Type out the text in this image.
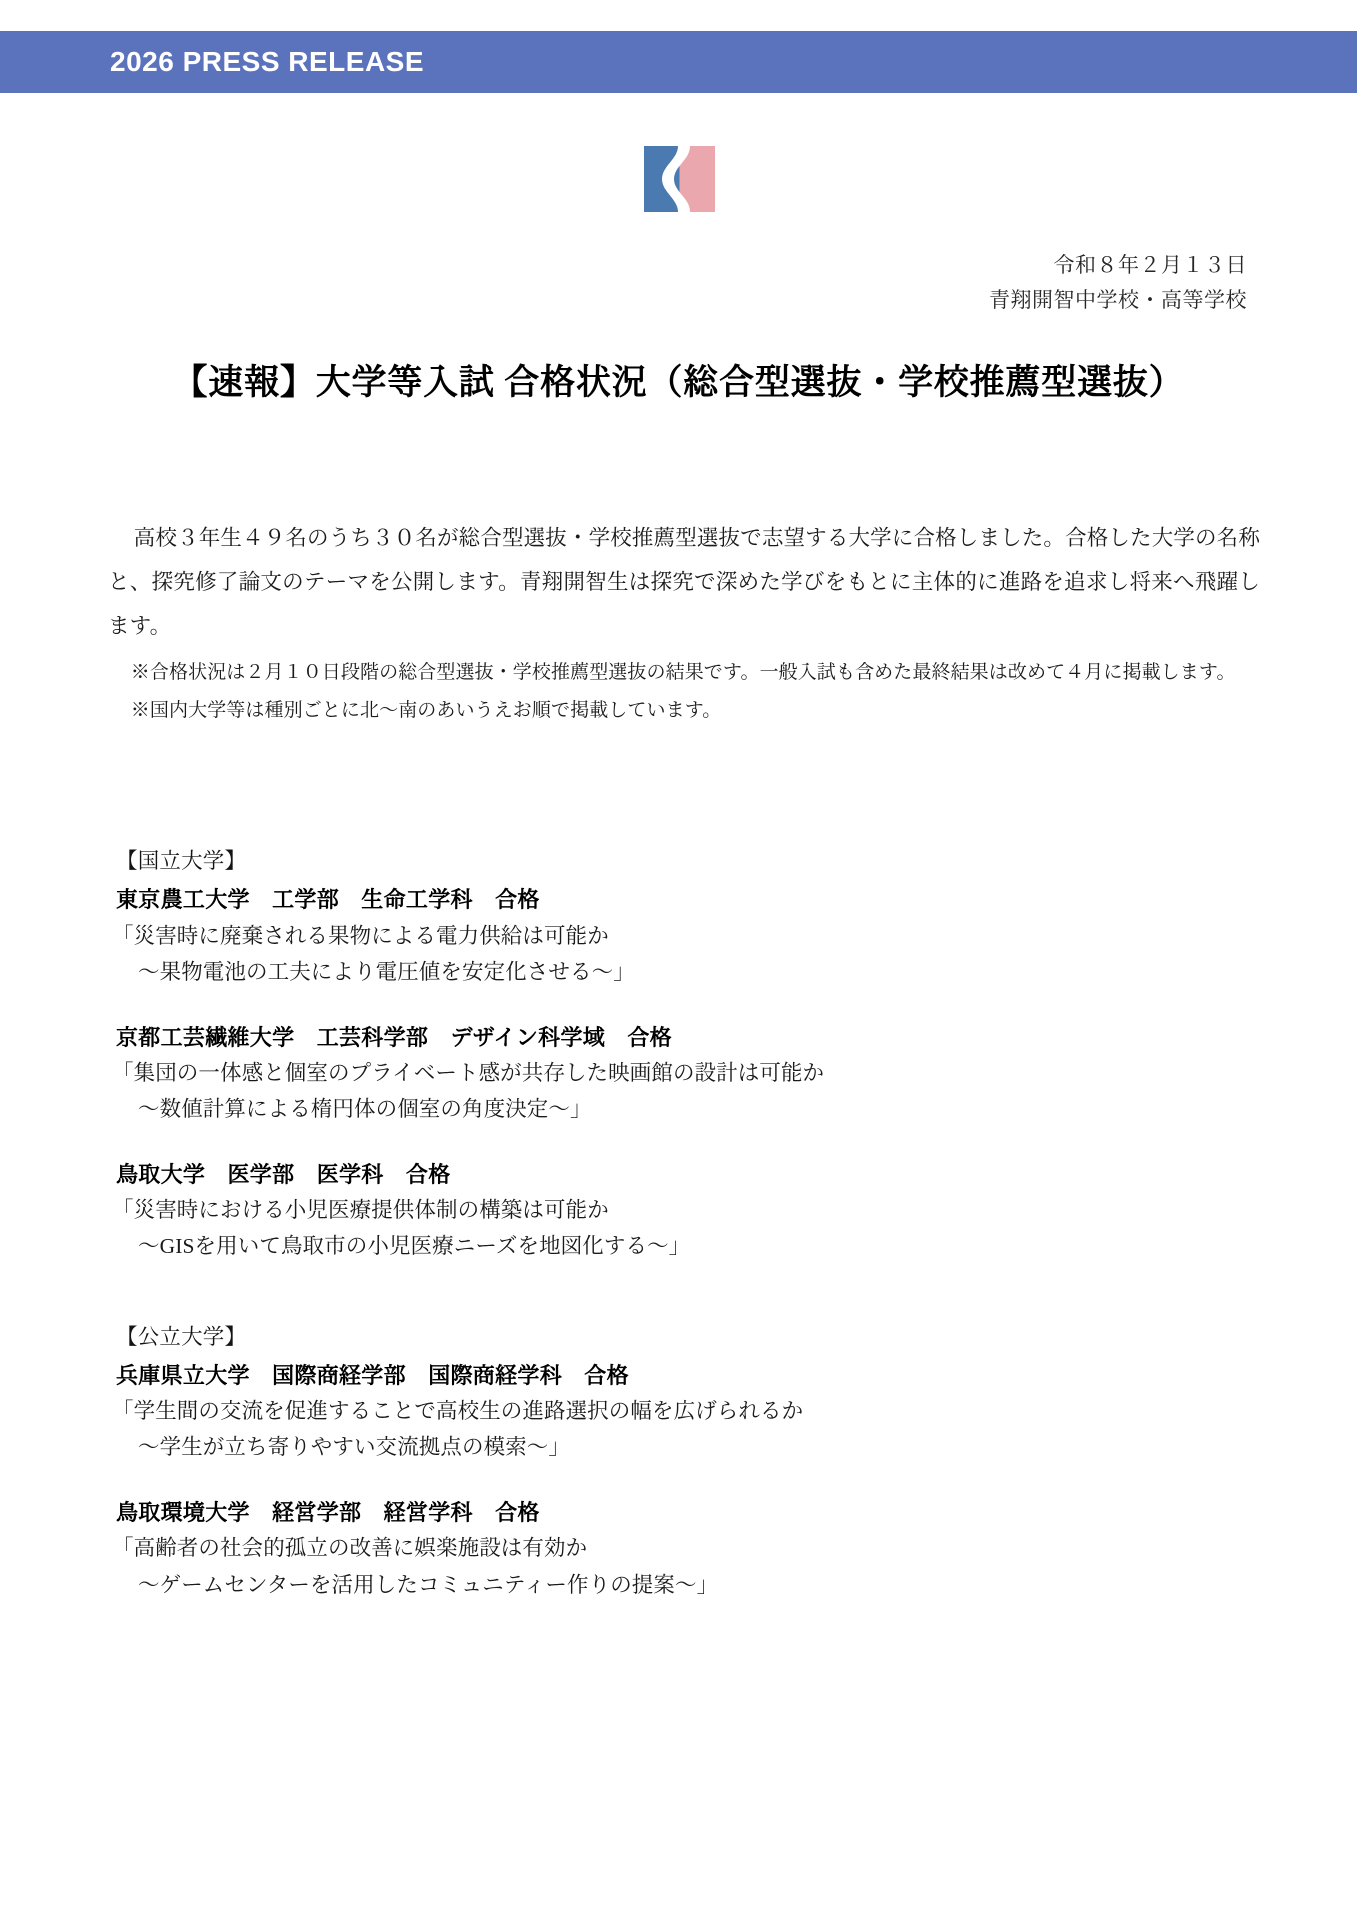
2026 PRESS RELEASE
令和８年２月１３日
青翔開智中学校・高等学校
【速報】大学等入試 合格状況（総合型選抜・学校推薦型選抜）

高校３年生４９名のうち３０名が総合型選抜・学校推薦型選抜で志望する大学に合格しました。合格した大学の名称と、探究修了論文のテーマを公開します。青翔開智生は探究で深めた学びをもとに主体的に進路を追求し将来へ飛躍します。

※合格状況は２月１０日段階の総合型選抜・学校推薦型選抜の結果です。一般入試も含めた最終結果は改めて４月に掲載します。

※国内大学等は種別ごとに北〜南のあいうえお順で掲載しています。

【国立大学】
東京農工大学　工学部　生命工学科　合格
「災害時に廃棄される果物による電力供給は可能か
〜果物電池の工夫により電圧値を安定化させる〜」
京都工芸繊維大学　工芸科学部　デザイン科学域　合格
「集団の一体感と個室のプライベート感が共存した映画館の設計は可能か
〜数値計算による楕円体の個室の角度決定〜」
鳥取大学　医学部　医学科　合格
「災害時における小児医療提供体制の構築は可能か
〜GISを用いて鳥取市の小児医療ニーズを地図化する〜」
【公立大学】
兵庫県立大学　国際商経学部　国際商経学科　合格
「学生間の交流を促進することで高校生の進路選択の幅を広げられるか
〜学生が立ち寄りやすい交流拠点の模索〜」
鳥取環境大学　経営学部　経営学科　合格
「高齢者の社会的孤立の改善に娯楽施設は有効か
〜ゲームセンターを活用したコミュニティー作りの提案〜」
